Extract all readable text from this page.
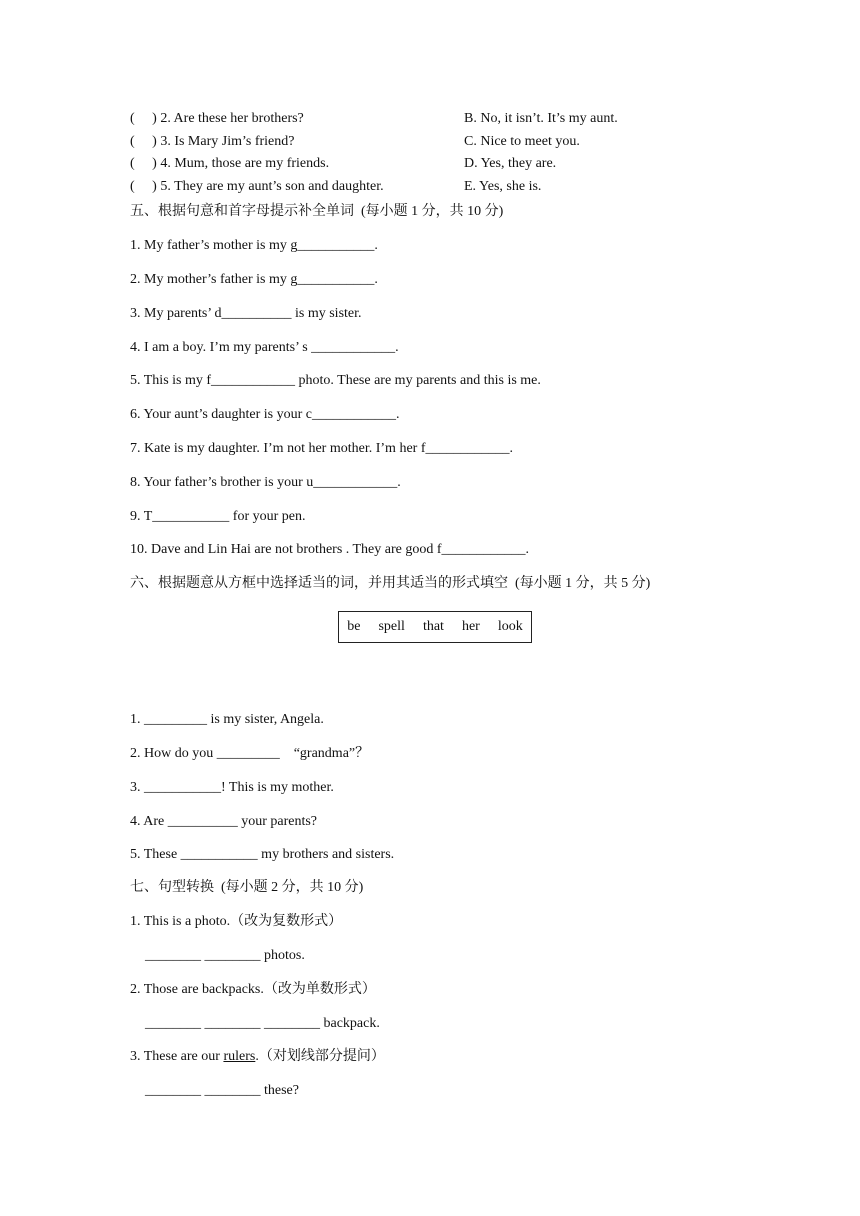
(     ) 2. Are these her brothers?	B. No, it isn’t. It’s my aunt.
(     ) 3. Is Mary Jim’s friend?	C. Nice to meet you.
(     ) 4. Mum, those are my friends.	D. Yes, they are.
(     ) 5. They are my aunt’s son and daughter.	E. Yes, she is.
五、根据句意和首字母提示补全单词  (每小题 1 分，共 10 分)
1. My father’s mother is my g___________.
2. My mother’s father is my g___________.
3. My parents’ d__________ is my sister.
4. I am a boy. I’m my parents’ s ____________.
5. This is my f____________ photo. These are my parents and this is me.
6. Your aunt’s daughter is your c____________.
7. Kate is my daughter. I’m not her mother. I’m her f____________.
8. Your father’s brother is your u____________.
9. T___________ for your pen.
10. Dave and Lin Hai are not brothers . They are good f____________.
六、根据题意从方框中选择适当的词，并用其适当的形式填空  (每小题 1 分，共 5 分)
be spell that her look
1. _________ is my sister, Angela.
2. How do you _________    “grandma”？
3. ___________! This is my mother.
4. Are __________ your parents?
5. These ___________ my brothers and sisters.
七、句型转换  (每小题 2 分，共 10 分)
1. This is a photo.（改为复数形式）
________ ________ photos.
2. Those are backpacks.（改为单数形式）
________ ________ ________ backpack.
3. These are our rulers.（对划线部分提问）
________ ________ these?
